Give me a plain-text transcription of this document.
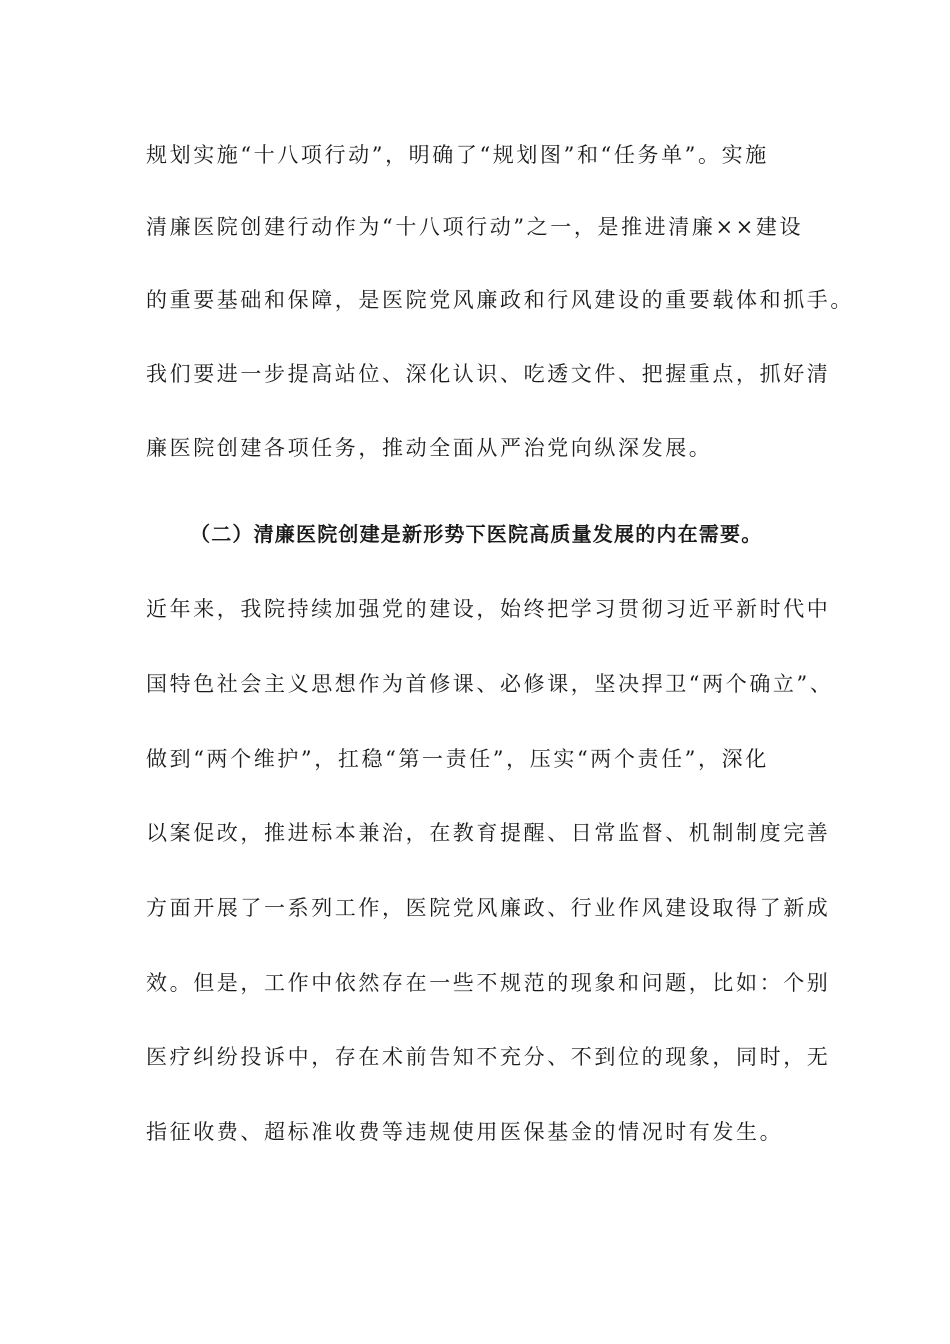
规划实施“十八项行动”，明确了“规划图”和“任务单”。实施
清廉医院创建行动作为“十八项行动”之一，是推进清廉××建设
的重要基础和保障，是医院党风廉政和行风建设的重要载体和抓手。
我们要进一步提高站位、深化认识、吃透文件、把握重点，抓好清
廉医院创建各项任务，推动全面从严治党向纵深发展。
（二）清廉医院创建是新形势下医院高质量发展的内在需要。
近年来，我院持续加强党的建设，始终把学习贯彻习近平新时代中
国特色社会主义思想作为首修课、必修课，坚决捍卫“两个确立”、
做到“两个维护”，扛稳“第一责任”，压实“两个责任”，深化
以案促改，推进标本兼治，在教育提醒、日常监督、机制制度完善
方面开展了一系列工作，医院党风廉政、行业作风建设取得了新成
效。但是，工作中依然存在一些不规范的现象和问题，比如：个别
医疗纠纷投诉中，存在术前告知不充分、不到位的现象，同时，无
指征收费、超标准收费等违规使用医保基金的情况时有发生。
